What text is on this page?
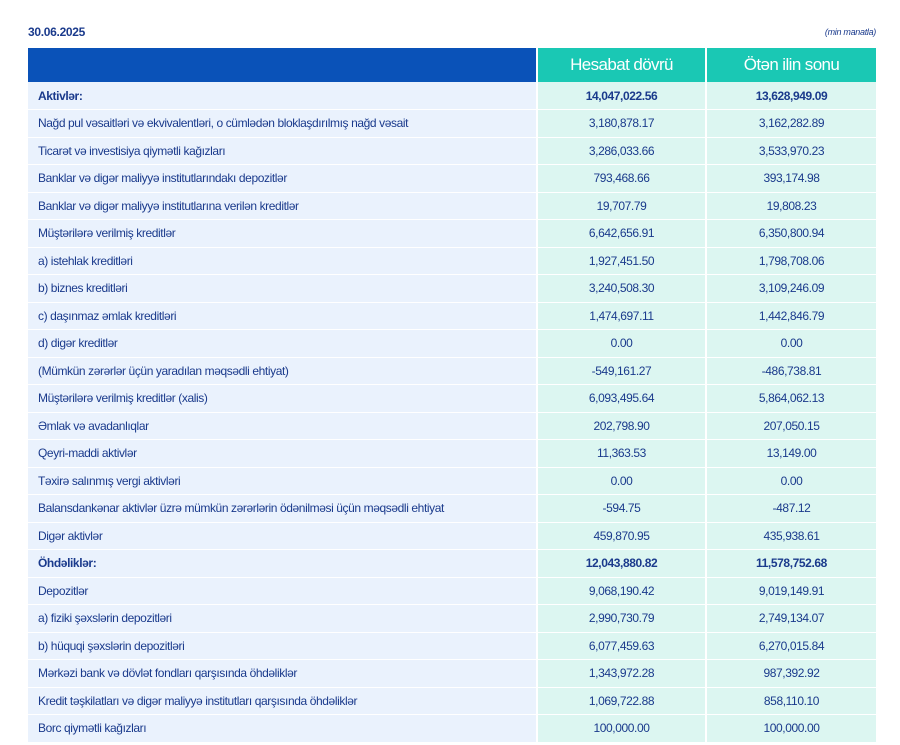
30.06.2025	(min manatla)
	Hesabat dövrü	Ötən ilin sonu
Aktivlər:	14,047,022.56	13,628,949.09
Nağd pul vəsaitləri və ekvivalentləri, o cümlədən bloklaşdırılmış nağd vəsait	3,180,878.17	3,162,282.89
Ticarət və investisiya qiymətli kağızları	3,286,033.66	3,533,970.23
Banklar və digər maliyyə institutlarındakı depozitlər	793,468.66	393,174.98
Banklar və digər maliyyə institutlarına verilən kreditlər	19,707.79	19,808.23
Müştərilərə verilmiş kreditlər	6,642,656.91	6,350,800.94
a) istehlak kreditləri	1,927,451.50	1,798,708.06
b) biznes kreditləri	3,240,508.30	3,109,246.09
c) daşınmaz əmlak kreditləri	1,474,697.11	1,442,846.79
d) digər kreditlər	0.00	0.00
(Mümkün zərərlər üçün yaradılan məqsədli ehtiyat)	-549,161.27	-486,738.81
Müştərilərə verilmiş kreditlər (xalis)	6,093,495.64	5,864,062.13
Əmlak və avadanlıqlar	202,798.90	207,050.15
Qeyri-maddi aktivlər	11,363.53	13,149.00
Təxirə salınmış vergi aktivləri	0.00	0.00
Balansdankənar aktivlər üzrə mümkün zərərlərin ödənilməsi üçün məqsədli ehtiyat	-594.75	-487.12
Digər aktivlər	459,870.95	435,938.61
Öhdəliklər:	12,043,880.82	11,578,752.68
Depozitlər	9,068,190.42	9,019,149.91
a) fiziki şəxslərin depozitləri	2,990,730.79	2,749,134.07
b) hüquqi şəxslərin depozitləri	6,077,459.63	6,270,015.84
Mərkəzi bank və dövlət fondları qarşısında öhdəliklər	1,343,972.28	987,392.92
Kredit təşkilatları və digər maliyyə institutları qarşısında öhdəliklər	1,069,722.88	858,110.10
Borc qiymətli kağızları	100,000.00	100,000.00
